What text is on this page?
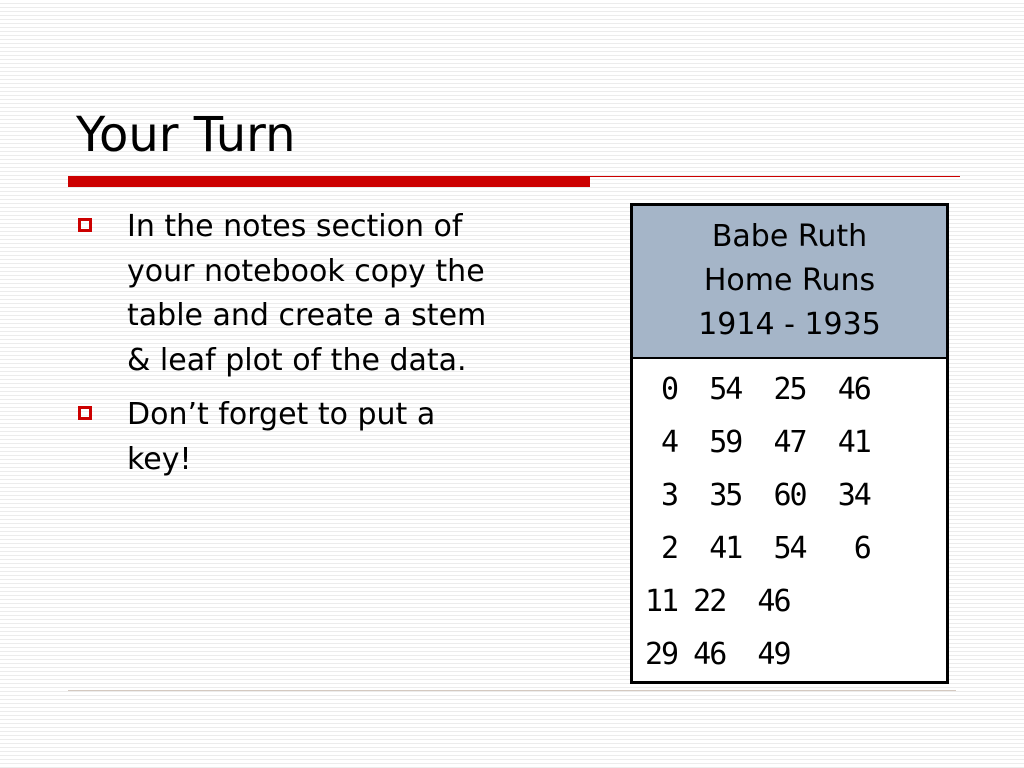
Your Turn
In the notes section of your notebook copy the table and create a stem & leaf plot of the data.
Don’t forget to put a key!
Babe Ruth
Home Runs
1914 - 1935

0  54  25  46
4  59  47  41
3  35  60  34
2  41  54   6
11 22  46
29 46  49
